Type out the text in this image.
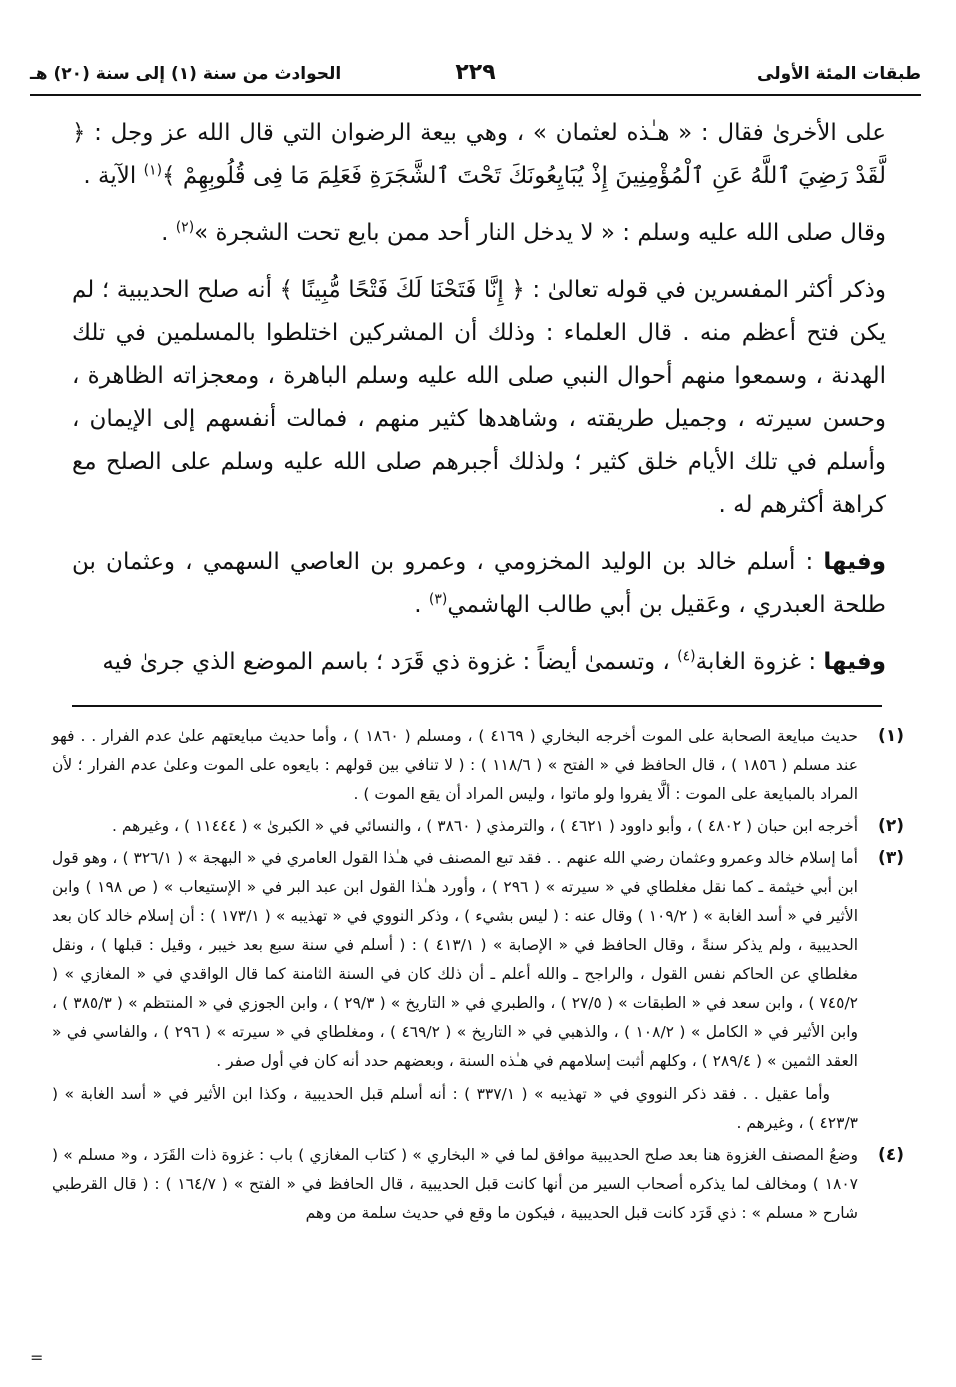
طبقات المئة الأولى
٢٢٩
الحوادث من سنة (١) إلى سنة (٢٠) هـ

على الأخرىٰ فقال : « هـٰذه لعثمان » ، وهي بيعة الرضوان التي قال الله عز وجل : ﴿ لَّقَدْ رَضِيَ ٱللَّهُ عَنِ ٱلْمُؤْمِنِينَ إِذْ يُبَايِعُونَكَ تَحْتَ ٱلشَّجَرَةِ فَعَلِمَ مَا فِى قُلُوبِهِمْ ﴾$^{(١)}$ الآية .

وقال صلى الله عليه وسلم : « لا يدخل النار أحد ممن بايع تحت الشجرة »$^{(٢)}$ .

وذكر أكثر المفسرين في قوله تعالىٰ : ﴿ إِنَّا فَتَحْنَا لَكَ فَتْحًا مُّبِينًا ﴾ أنه صلح الحديبية ؛ لم يكن فتح أعظم منه . قال العلماء : وذلك أن المشركين اختلطوا بالمسلمين في تلك الهدنة ، وسمعوا منهم أحوال النبي صلى الله عليه وسلم الباهرة ، ومعجزاته الظاهرة ، وحسن سيرته ، وجميل طريقته ، وشاهدها كثير منهم ، فمالت أنفسهم إلى الإيمان ، وأسلم في تلك الأيام خلق كثير ؛ ولذلك أجبرهم صلى الله عليه وسلم على الصلح مع كراهة أكثرهم له .

وفيها : أسلم خالد بن الوليد المخزومي ، وعمرو بن العاصي السهمي ، وعثمان بن طلحة العبدري ، وعَقيل بن أبي طالب الهاشمي$^{(٣)}$ .

وفيها : غزوة الغابة$^{(٤)}$ ، وتسمىٰ أيضاً : غزوة ذي قَرَد ؛ باسم الموضع الذي جرىٰ فيه

(١)

حديث مبايعة الصحابة على الموت أخرجه البخاري ( ٤١٦٩ ) ، ومسلم ( ١٨٦٠ ) ، وأما حديث مبايعتهم علىٰ عدم الفرار . . فهو عند مسلم ( ١٨٥٦ ) ، قال الحافظ في « الفتح » ( ١١٨/٦ ) : ( لا تنافي بين قولهم : بايعوه على الموت وعلىٰ عدم الفرار ؛ لأن المراد بالمبايعة على الموت : ألَّا يفروا ولو ماتوا ، وليس المراد أن يقع الموت ) .

(٢)

أخرجه ابن حبان ( ٤٨٠٢ ) ، وأبو داوود ( ٤٦٢١ ) ، والترمذي ( ٣٨٦٠ ) ، والنسائي في « الكبرىٰ » ( ١١٤٤٤ ) ، وغيرهم .

(٣)

أما إسلام خالد وعمرو وعثمان رضي الله عنهم . . فقد تبع المصنف في هـٰذا القول العامري في « البهجة » ( ٣٢٦/١ ) ، وهو قول ابن أبي خيثمة ـ كما نقل مغلطاي في « سيرته » ( ٢٩٦ ) ، وأورد هـٰذا القول ابن عبد البر في « الإستيعاب » ( ص ١٩٨ ) وابن الأثير في « أسد الغابة » ( ١٠٩/٢ ) وقال عنه : ( ليس بشيء ) ، وذكر النووي في « تهذيبه » ( ١٧٣/١ ) : أن إسلام خالد كان بعد الحديبية ، ولم يذكر سنةً ، وقال الحافظ في « الإصابة » ( ٤١٣/١ ) : ( أسلم في سنة سبع بعد خيبر ، وقيل : قبلها ) ، ونقل مغلطاي عن الحاكم نفس القول ، والراجح ـ والله أعلم ـ أن ذلك كان في السنة الثامنة كما قال الواقدي في « المغازي » ( ٧٤٥/٢ ) ، وابن سعد في « الطبقات » ( ٢٧/٥ ) ، والطبري في « التاريخ » ( ٢٩/٣ ) ، وابن الجوزي في « المنتظم » ( ٣٨٥/٣ ) ، وابن الأثير في « الكامل » ( ١٠٨/٢ ) ، والذهبي في « التاريخ » ( ٤٦٩/٢ ) ، ومغلطاي في « سيرته » ( ٢٩٦ ) ، والفاسي في « العقد الثمين » ( ٢٨٩/٤ ) ، وكلهم أثبت إسلامهم في هـٰذه السنة ، وبعضهم حدد أنه كان في أول صفر .

وأما عقيل . . فقد ذكر النووي في « تهذيبه » ( ٣٣٧/١ ) : أنه أسلم قبل الحديبية ، وكذا ابن الأثير في « أسد الغابة » ( ٤٢٣/٣ ) ، وغيرهم .

(٤)

وضعُ المصنف الغزوة هنا بعد صلح الحديبية موافق لما في « البخاري » ( كتاب المغازي ) باب : غزوة ذات القَرَد ، و« مسلم » ( ١٨٠٧ ) ومخالف لما يذكره أصحاب السير من أنها كانت قبل الحديبية ، قال الحافظ في « الفتح » ( ١٦٤/٧ ) : ( قال القرطبي شارح « مسلم » : ذي قَرَد كانت قبل الحديبية ، فيكون ما وقع في حديث سلمة من وهم

=
